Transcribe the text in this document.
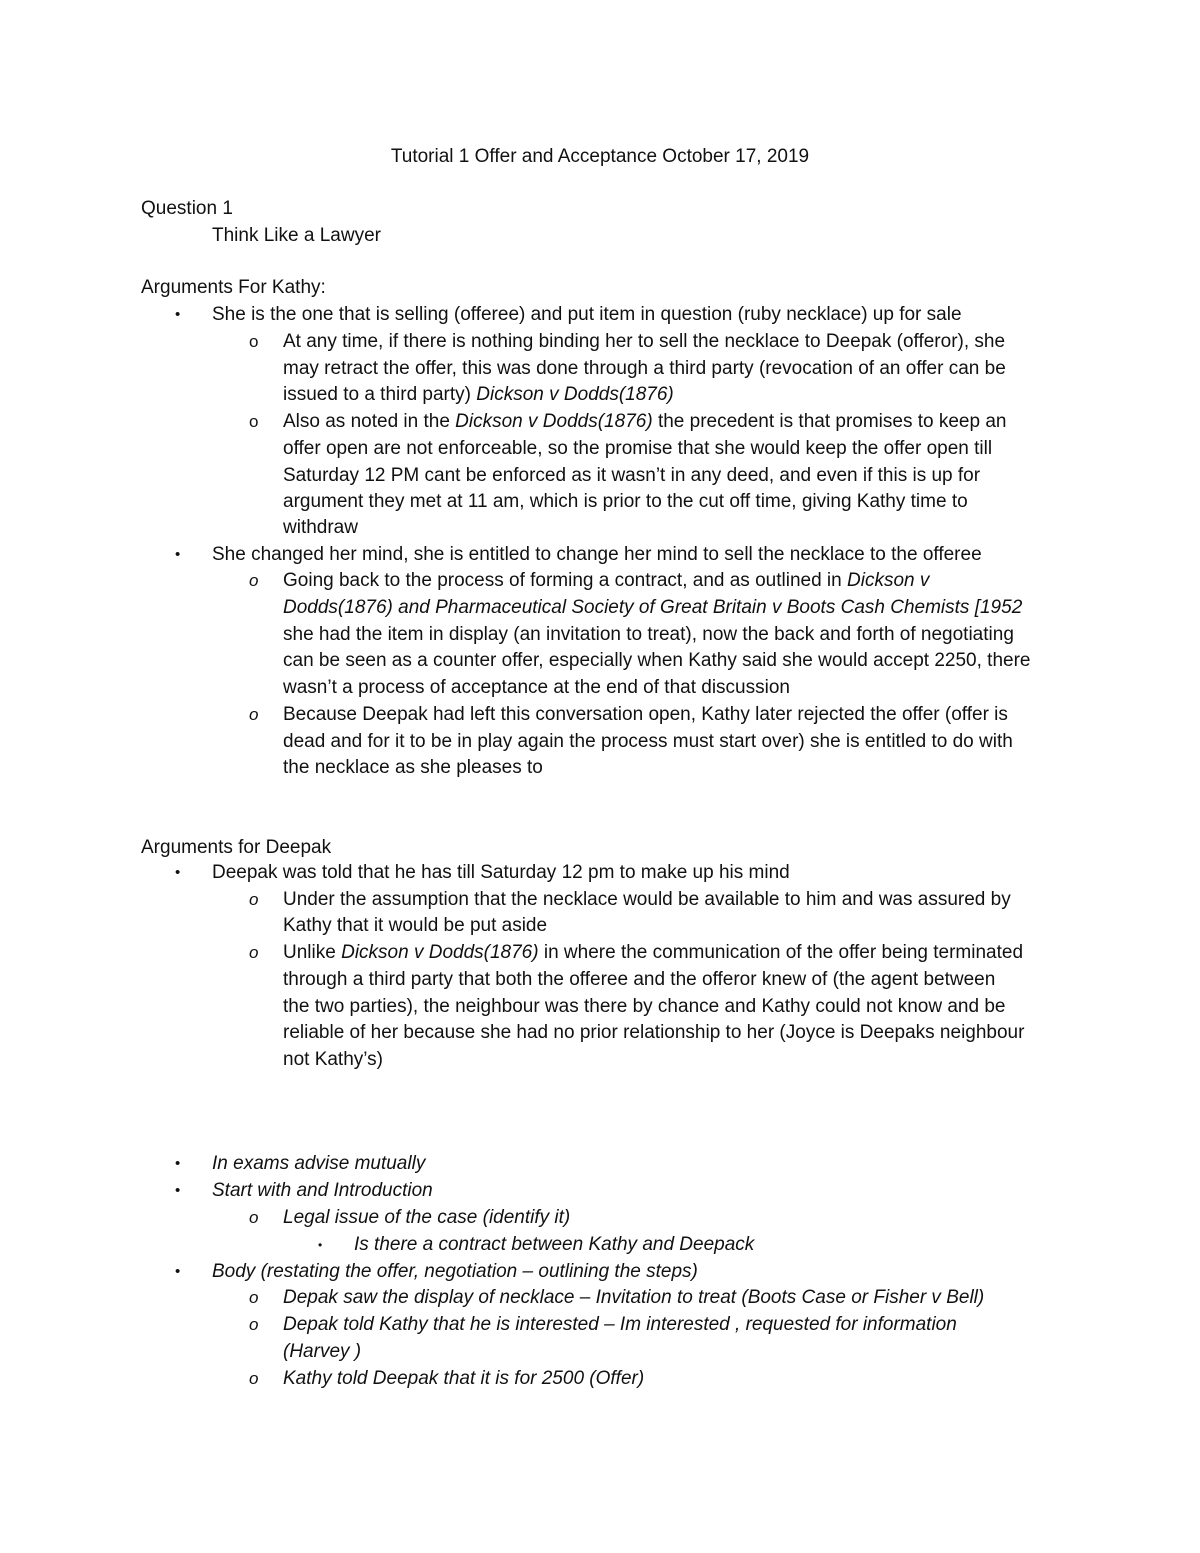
Tutorial 1 Offer and Acceptance October 17, 2019
Question 1
Think Like a Lawyer
Arguments For Kathy:
• She is the one that is selling (offeree) and put item in question (ruby necklace) up for sale
o At any time, if there is nothing binding her to sell the necklace to Deepak (offeror), she
may retract the offer, this was done through a third party (revocation of an offer can be
issued to a third party) Dickson v Dodds(1876)
o Also as noted in the Dickson v Dodds(1876) the precedent is that promises to keep an
offer open are not enforceable, so the promise that she would keep the offer open till
Saturday 12 PM cant be enforced as it wasn’t in any deed, and even if this is up for
argument they met at 11 am, which is prior to the cut off time, giving Kathy time to
withdraw
• She changed her mind, she is entitled to change her mind to sell the necklace to the offeree
o Going back to the process of forming a contract, and as outlined in Dickson v
Dodds(1876) and Pharmaceutical Society of Great Britain v Boots Cash Chemists [1952
she had the item in display (an invitation to treat), now the back and forth of negotiating
can be seen as a counter offer, especially when Kathy said she would accept 2250, there
wasn’t a process of acceptance at the end of that discussion
o Because Deepak had left this conversation open, Kathy later rejected the offer (offer is
dead and for it to be in play again the process must start over) she is entitled to do with
the necklace as she pleases to
Arguments for Deepak
• Deepak was told that he has till Saturday 12 pm to make up his mind
o Under the assumption that the necklace would be available to him and was assured by
Kathy that it would be put aside
o Unlike Dickson v Dodds(1876) in where the communication of the offer being terminated
through a third party that both the offeree and the offeror knew of (the agent between
the two parties), the neighbour was there by chance and Kathy could not know and be
reliable of her because she had no prior relationship to her (Joyce is Deepaks neighbour
not Kathy’s)
• In exams advise mutually
• Start with and Introduction
o Legal issue of the case (identify it)
• Is there a contract between Kathy and Deepack
• Body (restating the offer, negotiation – outlining the steps)
o Depak saw the display of necklace – Invitation to treat (Boots Case or Fisher v Bell)
o Depak told Kathy that he is interested – Im interested , requested for information
(Harvey )
o Kathy told Deepak that it is for 2500 (Offer)
